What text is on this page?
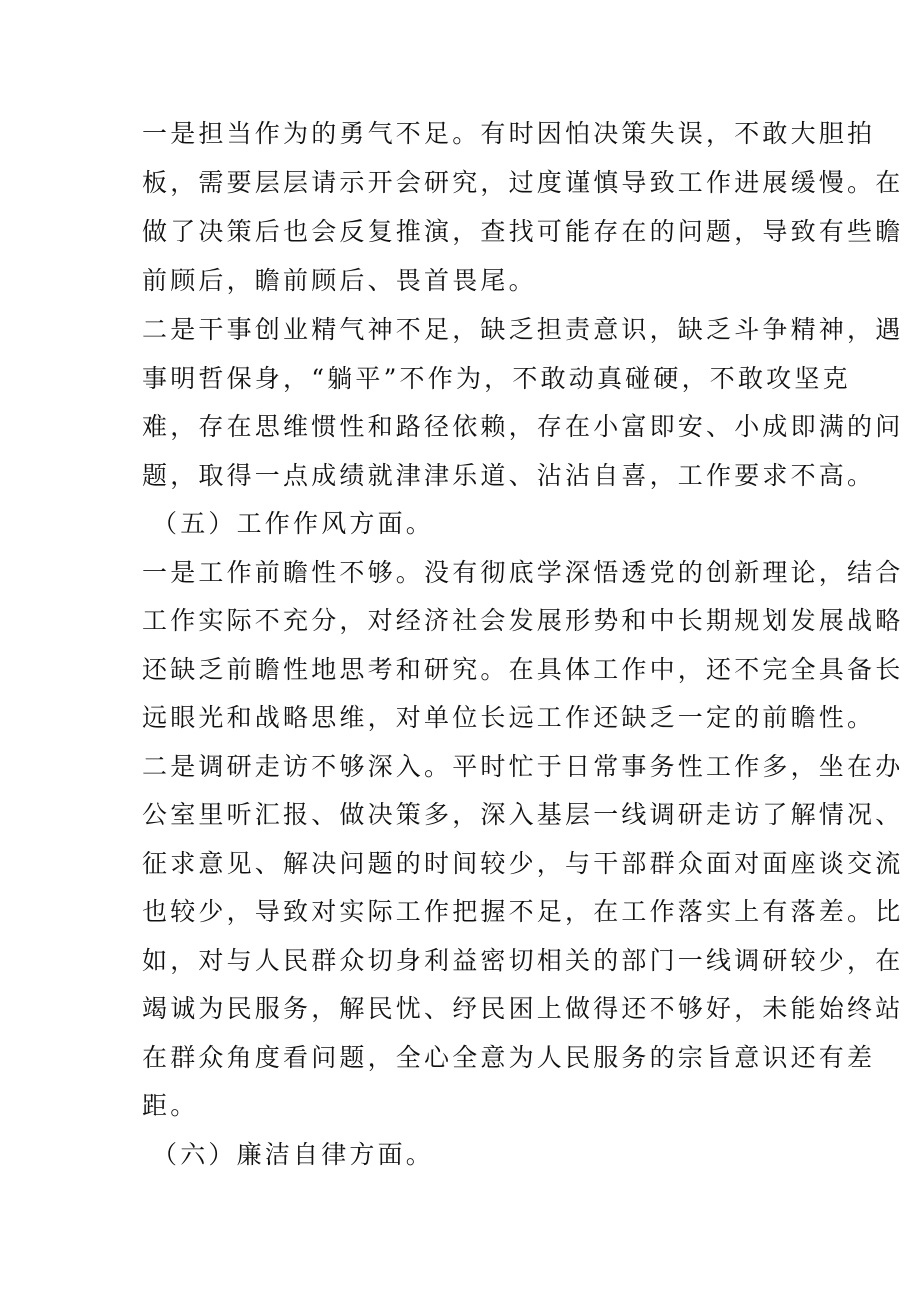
一是担当作为的勇气不足。有时因怕决策失误，不敢大胆拍
板，需要层层请示开会研究，过度谨慎导致工作进展缓慢。在
做了决策后也会反复推演，查找可能存在的问题，导致有些瞻
前顾后，瞻前顾后、畏首畏尾。
二是干事创业精气神不足，缺乏担责意识，缺乏斗争精神，遇
事明哲保身，“躺平”不作为，不敢动真碰硬，不敢攻坚克
难，存在思维惯性和路径依赖，存在小富即安、小成即满的问
题，取得一点成绩就津津乐道、沾沾自喜，工作要求不高。
（五）工作作风方面。
一是工作前瞻性不够。没有彻底学深悟透党的创新理论，结合
工作实际不充分，对经济社会发展形势和中长期规划发展战略
还缺乏前瞻性地思考和研究。在具体工作中，还不完全具备长
远眼光和战略思维，对单位长远工作还缺乏一定的前瞻性。
二是调研走访不够深入。平时忙于日常事务性工作多，坐在办
公室里听汇报、做决策多，深入基层一线调研走访了解情况、
征求意见、解决问题的时间较少，与干部群众面对面座谈交流
也较少，导致对实际工作把握不足，在工作落实上有落差。比
如，对与人民群众切身利益密切相关的部门一线调研较少，在
竭诚为民服务，解民忧、纾民困上做得还不够好，未能始终站
在群众角度看问题，全心全意为人民服务的宗旨意识还有差
距。
（六）廉洁自律方面。
